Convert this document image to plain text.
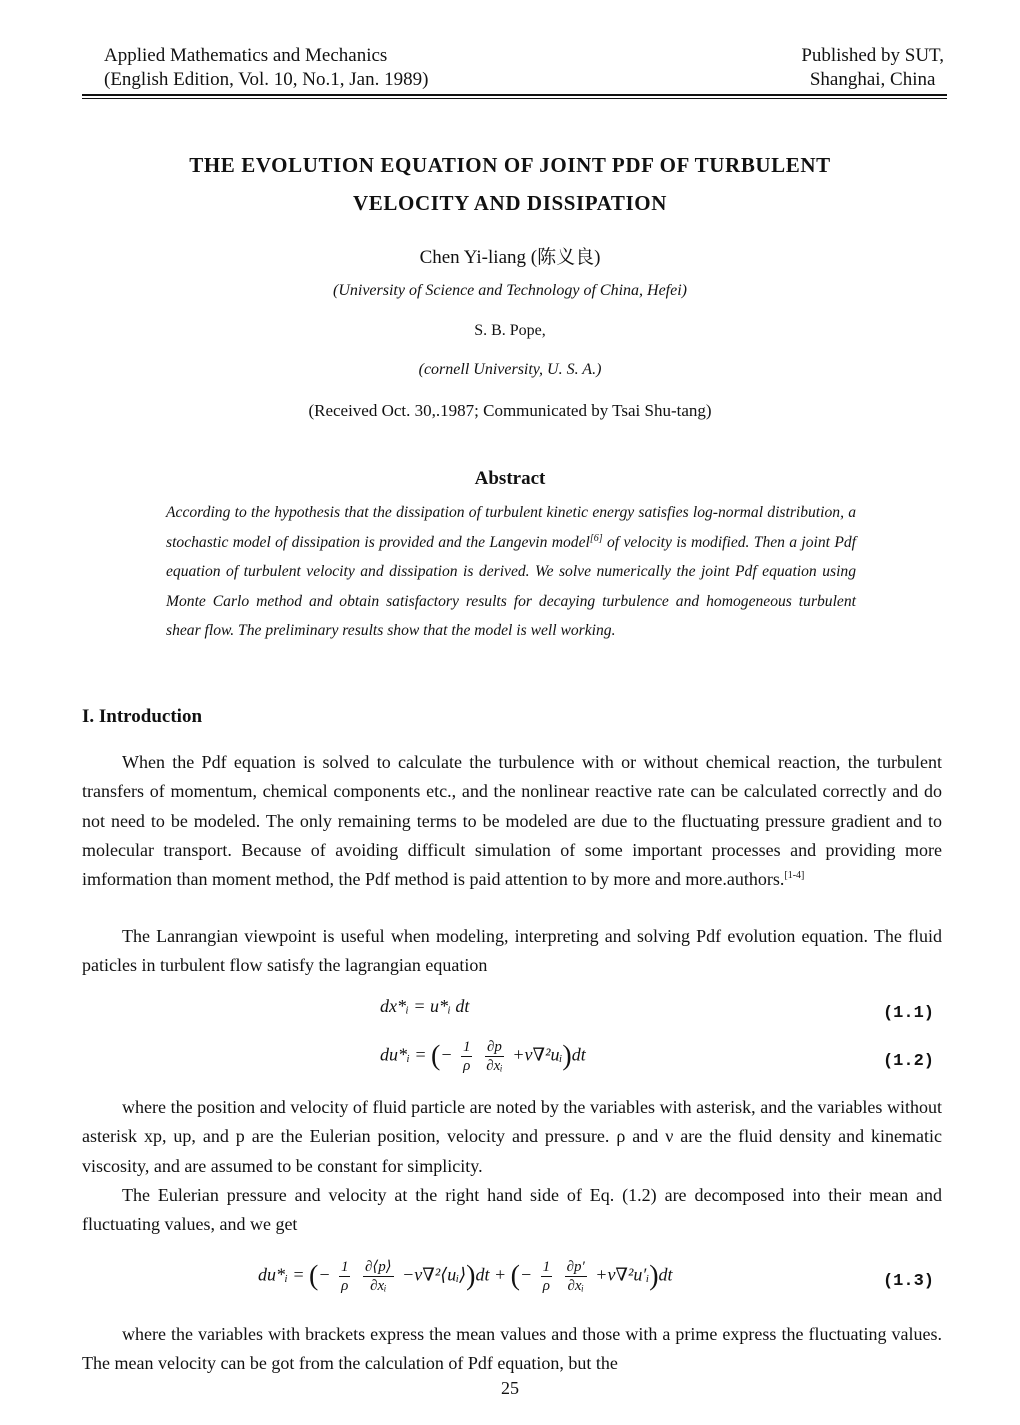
Applied Mathematics and Mechanics
(English Edition, Vol. 10, No.1, Jan. 1989)
Published by SUT,
Shanghai, China
THE EVOLUTION EQUATION OF JOINT PDF OF TURBULENT
VELOCITY AND DISSIPATION
Chen Yi-liang (陈义良)
(University of Science and Technology of China, Hefei)
S. B. Pope,
(cornell University, U. S. A.)
(Received Oct. 30,.1987; Communicated by Tsai Shu-tang)
Abstract
According to the hypothesis that the dissipation of turbulent kinetic energy satisfies log-normal distribution, a stochastic model of dissipation is provided and the Langevin model[6] of velocity is modified. Then a joint Pdf equation of turbulent velocity and dissipation is derived. We solve numerically the joint Pdf equation using Monte Carlo method and obtain satisfactory results for decaying turbulence and homogeneous turbulent shear flow. The preliminary results show that the model is well working.
I. Introduction

When the Pdf equation is solved to calculate the turbulence with or without chemical reaction, the turbulent transfers of momentum, chemical components etc., and the nonlinear reactive rate can be calculated correctly and do not need to be modeled. The only remaining terms to be modeled are due to the fluctuating pressure gradient and to molecular transport. Because of avoiding difficult simulation of some important processes and providing more imformation than moment method, the Pdf method is paid attention to by more and more.authors.[1-4]

The Lanrangian viewpoint is useful when modeling, interpreting and solving Pdf evolution equation. The fluid paticles in turbulent flow satisfy the lagrangian equation

dx*ᵢ = u*ᵢ dt	(1.1)
du*ᵢ = (− $\frac{1}{\rho}$
$\frac{\partial p}{\text{∂xᵢ}}$ +ν∇²uᵢ)dt	(1.2)

where the position and velocity of fluid particle are noted by the variables with asterisk, and the variables without asterisk xp, up, and p are the Eulerian position, velocity and pressure. ρ and ν are the fluid density and kinematic viscosity, and are assumed to be constant for simplicity.

The Eulerian pressure and velocity at the right hand side of Eq. (1.2) are decomposed into their mean and fluctuating values, and we get

du*ᵢ = (− $\frac{1}{\rho}$
$\frac{\partial⟨p⟩}{\text{∂xᵢ}}$ −ν∇²⟨uᵢ⟩)dt + (− $\frac{1}{\rho}$
$\frac{\partial p'}{\text{∂xᵢ}}$ +ν∇²u′ᵢ)dt	(1.3)

where the variables with brackets express the mean values and those with a prime express the fluctuating values. The mean velocity can be got from the calculation of Pdf equation, but the

25
